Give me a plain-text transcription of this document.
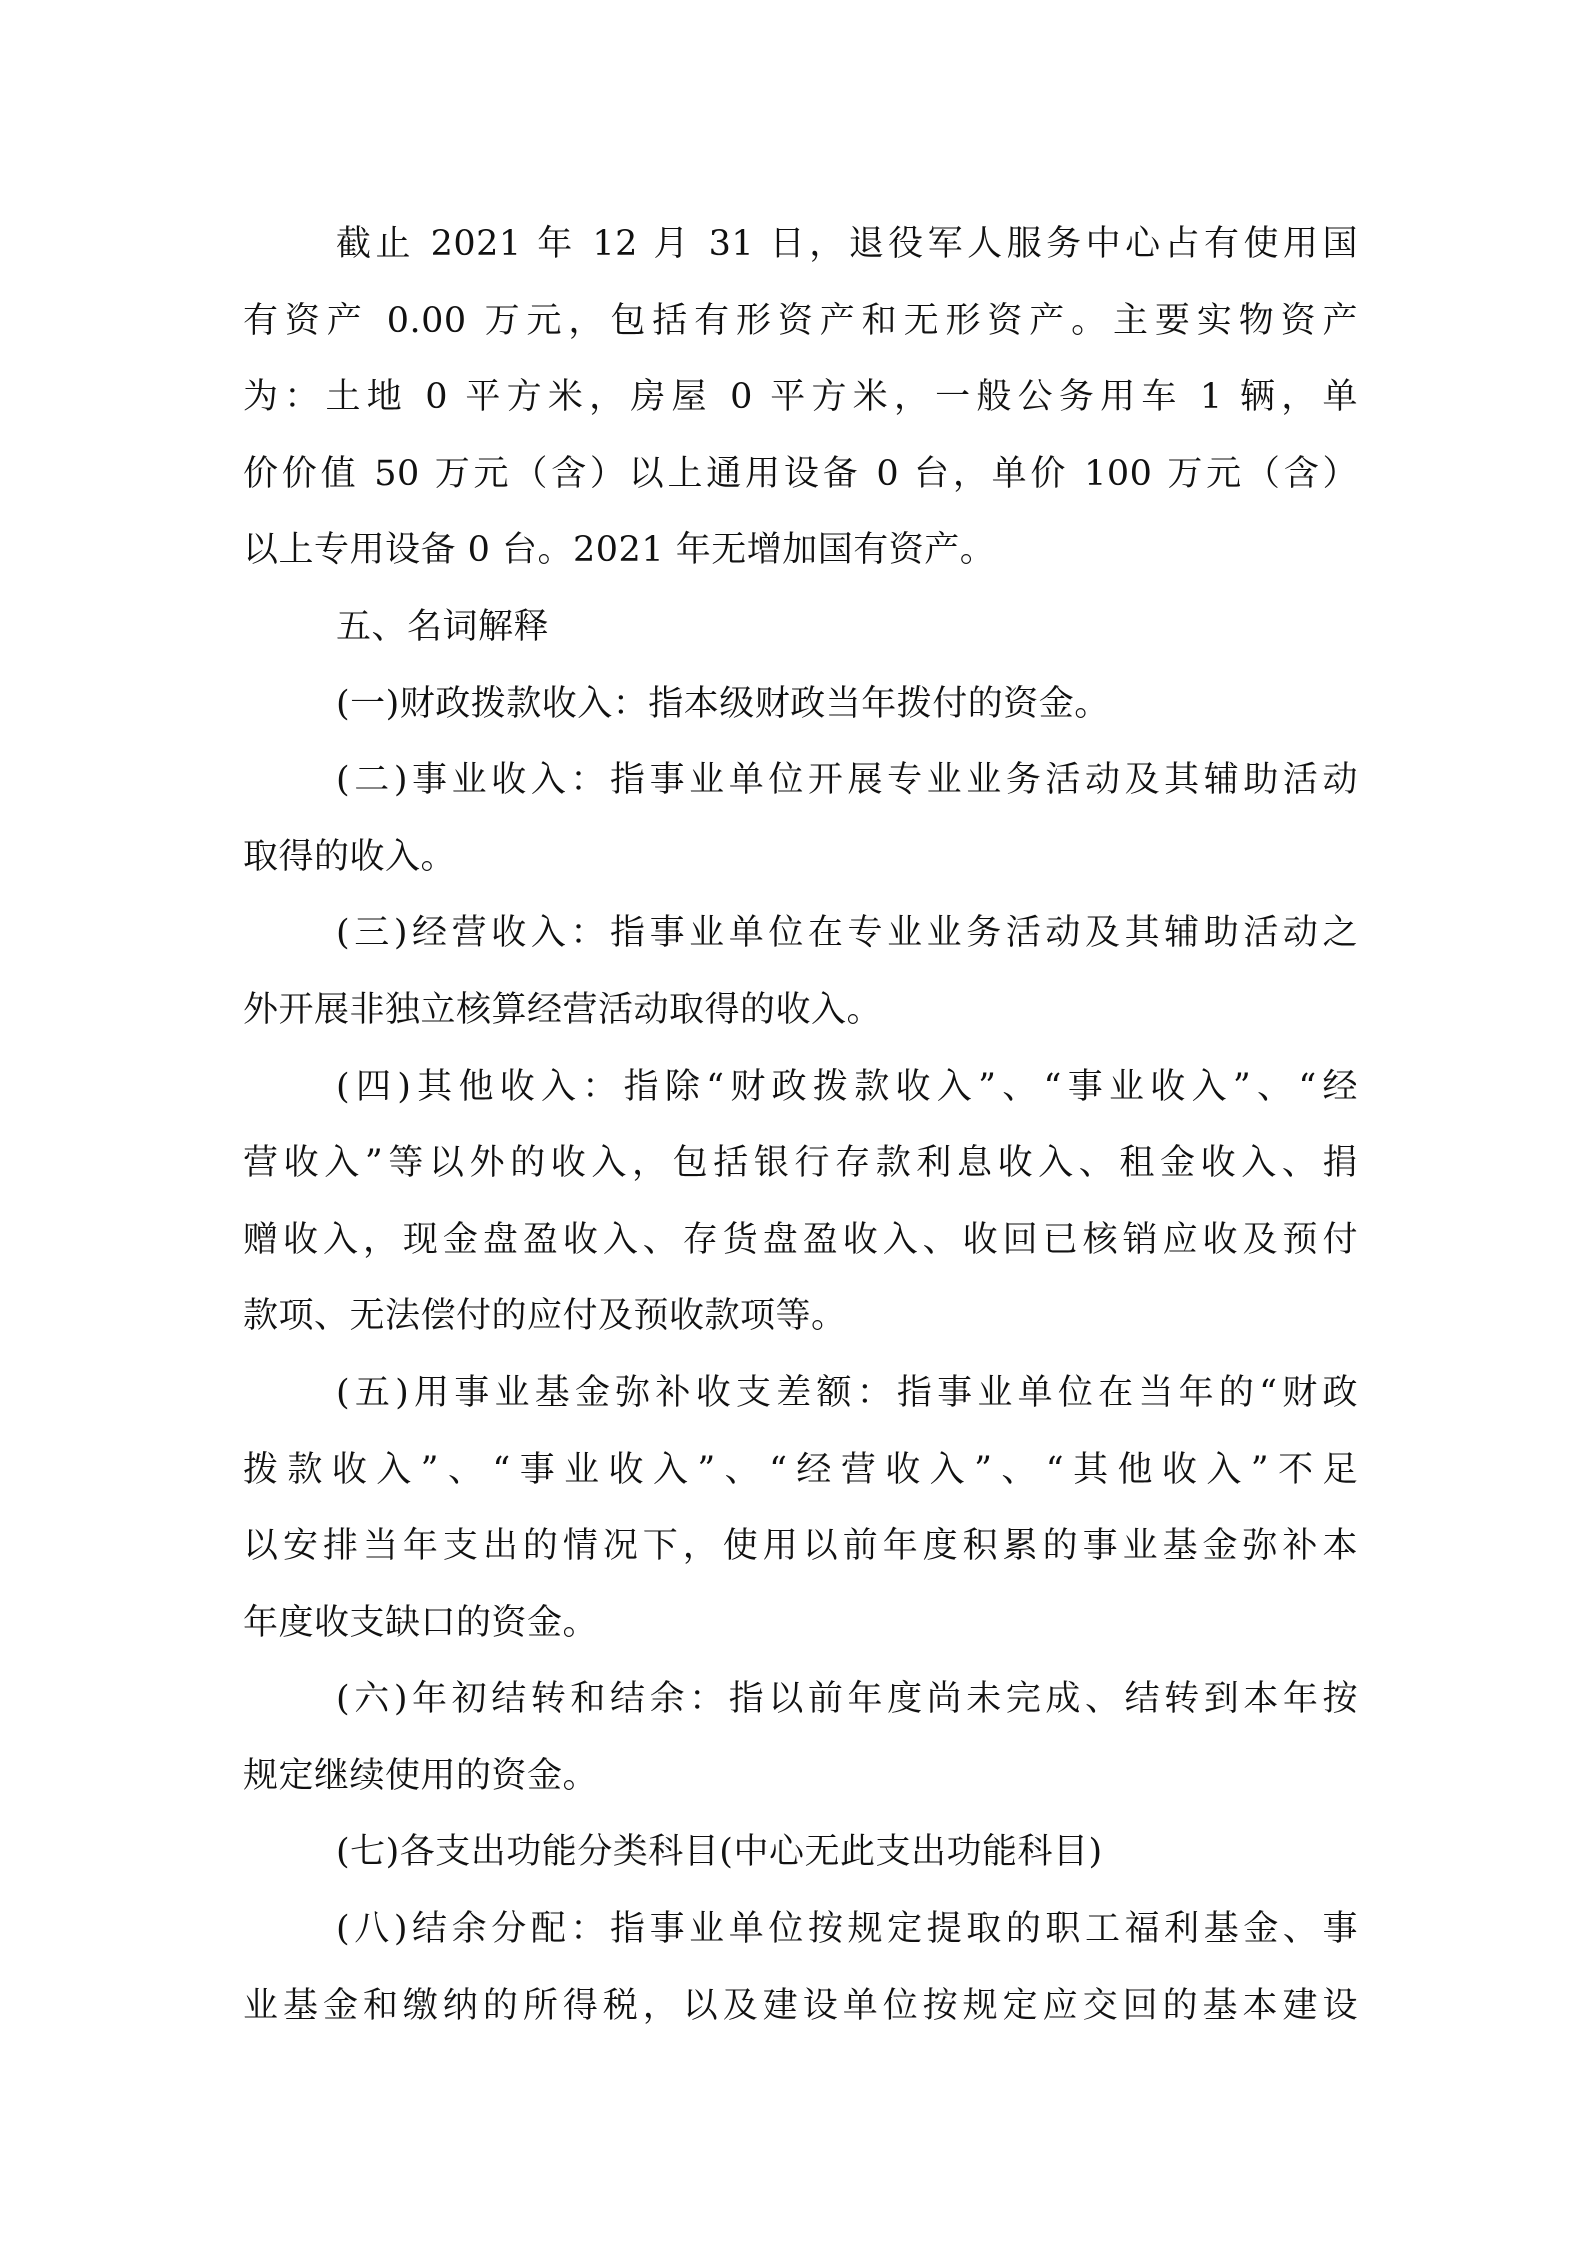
截止 2021 年 12 月 31 日，退役军人服务中心占有使用国
有资产 0.00 万元，包括有形资产和无形资产。主要实物资产
为：土地 0 平方米，房屋 0 平方米，一般公务用车 1 辆，单
价价值 50 万元（含）以上通用设备 0 台，单价 100 万元（含）
以上专用设备 0 台。2021 年无增加国有资产。
五、名词解释
(一)财政拨款收入：指本级财政当年拨付的资金。
(二)事业收入：指事业单位开展专业业务活动及其辅助活动
取得的收入。
(三)经营收入：指事业单位在专业业务活动及其辅助活动之
外开展非独立核算经营活动取得的收入。
(四)其他收入：指除“财政拨款收入”、“事业收入”、“经
营收入”等以外的收入，包括银行存款利息收入、租金收入、捐
赠收入，现金盘盈收入、存货盘盈收入、收回已核销应收及预付
款项、无法偿付的应付及预收款项等。
(五)用事业基金弥补收支差额：指事业单位在当年的“财政
拨款收入”、“事业收入”、“经营收入”、“其他收入”不足
以安排当年支出的情况下，使用以前年度积累的事业基金弥补本
年度收支缺口的资金。
(六)年初结转和结余：指以前年度尚未完成、结转到本年按
规定继续使用的资金。
(七)各支出功能分类科目(中心无此支出功能科目)
(八)结余分配：指事业单位按规定提取的职工福利基金、事
业基金和缴纳的所得税，以及建设单位按规定应交回的基本建设
